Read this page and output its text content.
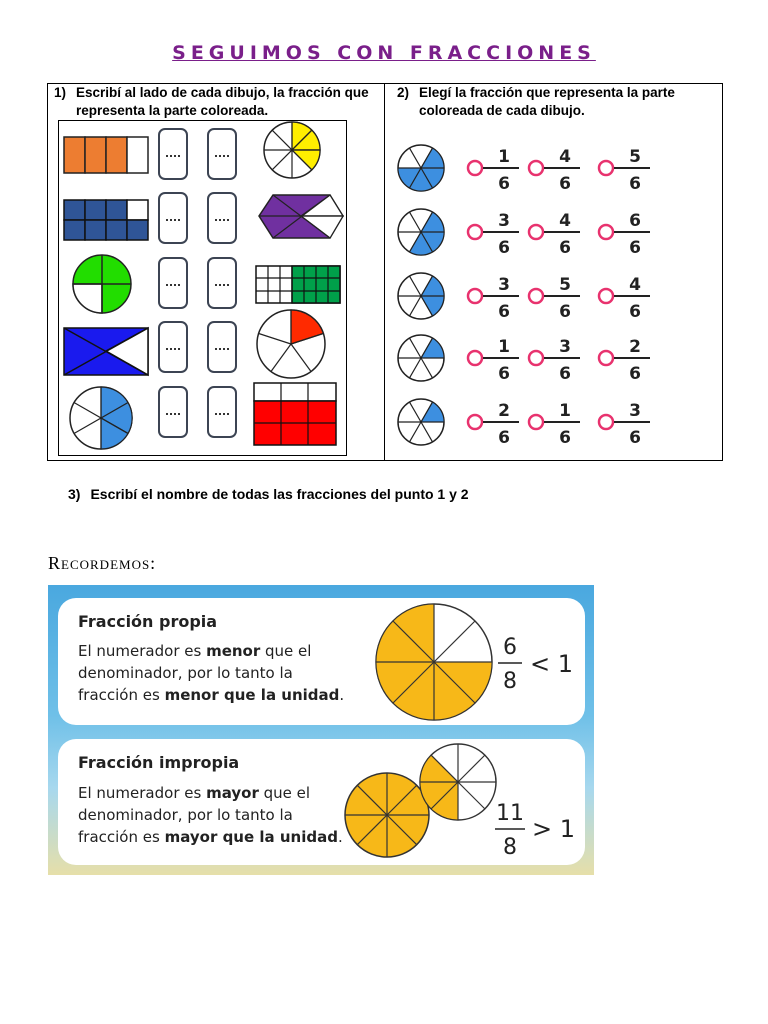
SEGUIMOS CON FRACCIONES
1) Escribí al lado de cada dibujo, la fracción que
representa la parte coloreada.
2) Elegí la fracción que representa la parte
coloreada de cada dibujo.
1
6
4
6
5
6
3
6
4
6
6
6
3
6
5
6
4
6
1
6
3
6
2
6
2
6
1
6
3
6
3) Escribí el nombre de todas las fracciones del punto 1 y 2
Recordemos:
Fracción propia

El numerador es menor que el

denominador, por lo tanto la

fracción es menor que la unidad.

Fracción impropia

El numerador es mayor que el

denominador, por lo tanto la

fracción es mayor que la unidad.

6
8
< 1
11
8
> 1
